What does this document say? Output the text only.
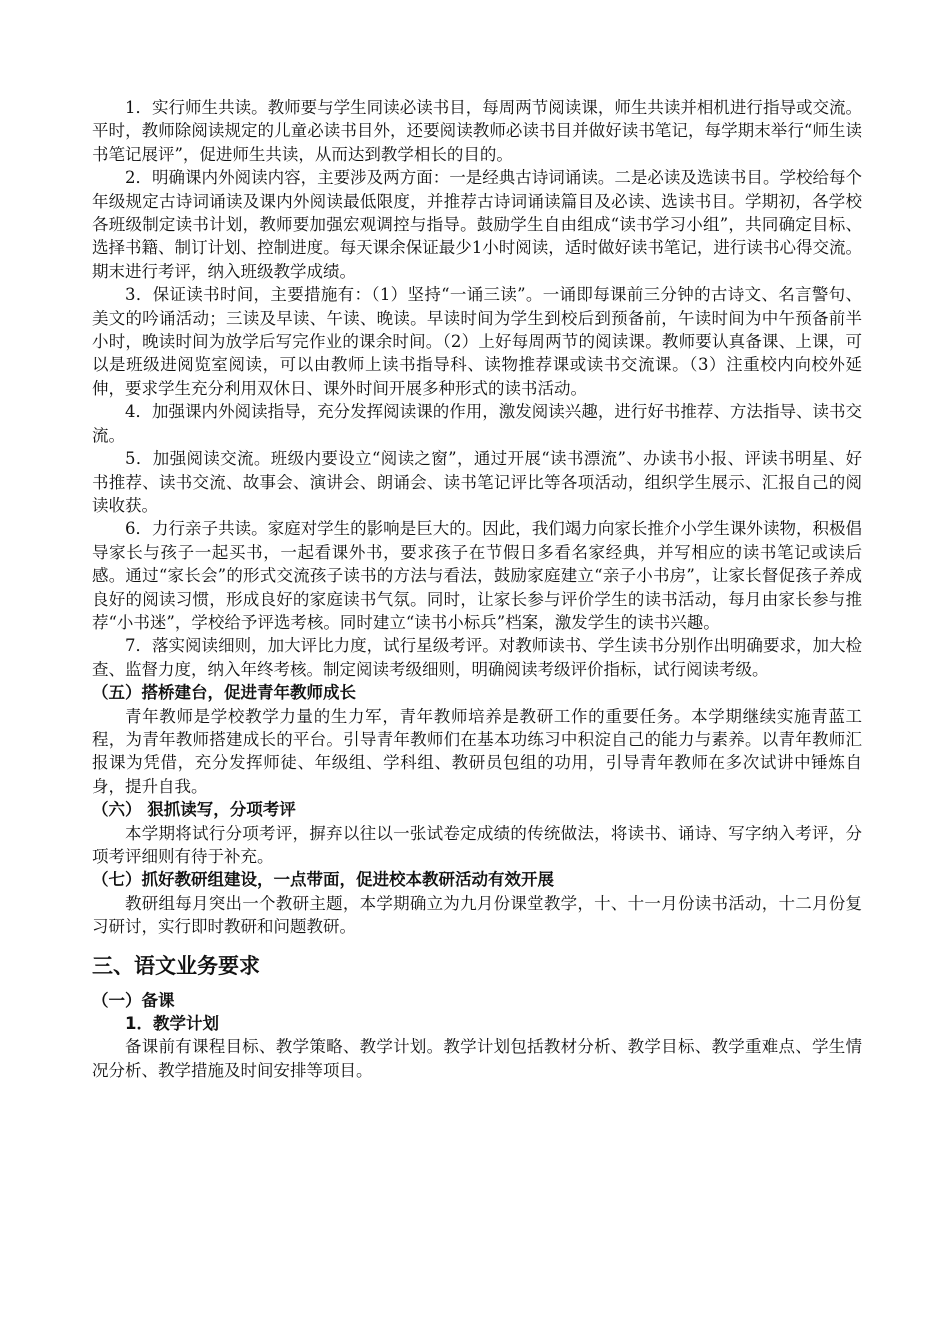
1．实行师生共读。教师要与学生同读必读书目，每周两节阅读课，师生共读并相机进行指导或交流。平时，教师除阅读规定的儿童必读书目外，还要阅读教师必读书目并做好读书笔记，每学期末举行“师生读书笔记展评”，促进师生共读，从而达到教学相长的目的。

2．明确课内外阅读内容，主要涉及两方面：一是经典古诗词诵读。二是必读及选读书目。学校给每个年级规定古诗词诵读及课内外阅读最低限度，并推荐古诗词诵读篇目及必读、选读书目。学期初，各学校各班级制定读书计划，教师要加强宏观调控与指导。鼓励学生自由组成“读书学习小组”，共同确定目标、选择书籍、制订计划、控制进度。每天课余保证最少1小时阅读，适时做好读书笔记，进行读书心得交流。期末进行考评，纳入班级教学成绩。

3．保证读书时间，主要措施有：（1）坚持“一诵三读”。一诵即每课前三分钟的古诗文、名言警句、美文的吟诵活动；三读及早读、午读、晚读。早读时间为学生到校后到预备前，午读时间为中午预备前半小时，晚读时间为放学后写完作业的课余时间。（2）上好每周两节的阅读课。教师要认真备课、上课，可以是班级进阅览室阅读，可以由教师上读书指导科、读物推荐课或读书交流课。（3）注重校内向校外延伸，要求学生充分利用双休日、课外时间开展多种形式的读书活动。

4．加强课内外阅读指导，充分发挥阅读课的作用，激发阅读兴趣，进行好书推荐、方法指导、读书交流。

5．加强阅读交流。班级内要设立“阅读之窗”，通过开展“读书漂流”、办读书小报、评读书明星、好书推荐、读书交流、故事会、演讲会、朗诵会、读书笔记评比等各项活动，组织学生展示、汇报自己的阅读收获。

6．力行亲子共读。家庭对学生的影响是巨大的。因此，我们竭力向家长推介小学生课外读物，积极倡导家长与孩子一起买书，一起看课外书，要求孩子在节假日多看名家经典，并写相应的读书笔记或读后感。通过“家长会”的形式交流孩子读书的方法与看法，鼓励家庭建立“亲子小书房”，让家长督促孩子养成良好的阅读习惯，形成良好的家庭读书气氛。同时，让家长参与评价学生的读书活动，每月由家长参与推荐“小书迷”，学校给予评选考核。同时建立“读书小标兵”档案，激发学生的读书兴趣。

7．落实阅读细则，加大评比力度，试行星级考评。对教师读书、学生读书分别作出明确要求，加大检查、监督力度，纳入年终考核。制定阅读考级细则，明确阅读考级评价指标，试行阅读考级。

（五）搭桥建台，促进青年教师成长

青年教师是学校教学力量的生力军，青年教师培养是教研工作的重要任务。本学期继续实施青蓝工程，为青年教师搭建成长的平台。引导青年教师们在基本功练习中积淀自己的能力与素养。以青年教师汇报课为凭借，充分发挥师徒、年级组、学科组、教研员包组的功用，引导青年教师在多次试讲中锤炼自身，提升自我。

（六） 狠抓读写，分项考评

本学期将试行分项考评，摒弃以往以一张试卷定成绩的传统做法，将读书、诵诗、写字纳入考评，分项考评细则有待于补充。

（七）抓好教研组建设，一点带面，促进校本教研活动有效开展

教研组每月突出一个教研主题，本学期确立为九月份课堂教学，十、十一月份读书活动，十二月份复习研讨，实行即时教研和问题教研。

三、语文业务要求

（一）备课

1．教学计划

备课前有课程目标、教学策略、教学计划。教学计划包括教材分析、教学目标、教学重难点、学生情况分析、教学措施及时间安排等项目。
